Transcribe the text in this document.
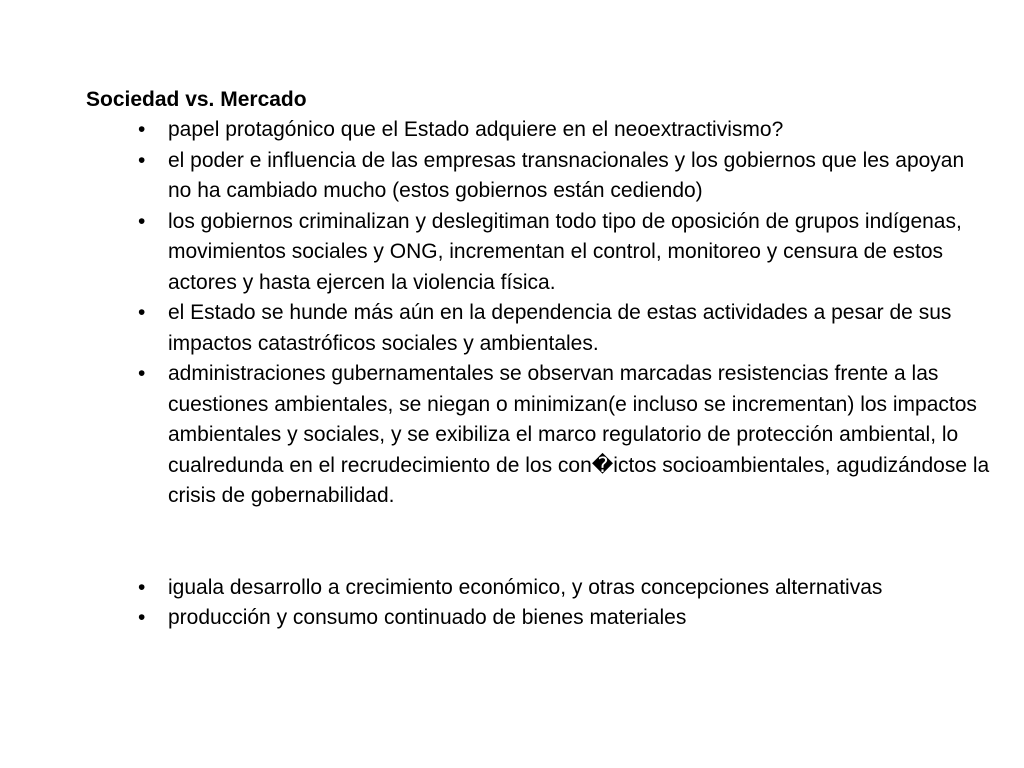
Sociedad vs. Mercado
• papel protagónico que el Estado adquiere en el neoextractivismo?
• el poder e influencia de las empresas transnacionales y los gobiernos que les apoyan no ha cambiado mucho (estos gobiernos están cediendo)
• los gobiernos criminalizan y deslegitiman todo tipo de oposición de grupos indígenas, movimientos sociales y ONG, incrementan el control, monitoreo y censura de estos actores y hasta ejercen la violencia física.
• el Estado se hunde más aún en la dependencia de estas actividades a pesar de sus impactos catastróficos sociales y ambientales.
• administraciones gubernamentales se observan marcadas resistencias frente a las cuestiones ambientales, se niegan o minimizan(e incluso se incrementan) los impactos ambientales y sociales, y se exibiliza el marco regulatorio de protección ambiental, lo cualredunda en el recrudecimiento de los con�ictos socioambientales, agudizándose la crisis de gobernabilidad.
• iguala desarrollo a crecimiento económico, y otras concepciones alternativas
• producción y consumo continuado de bienes materiales
